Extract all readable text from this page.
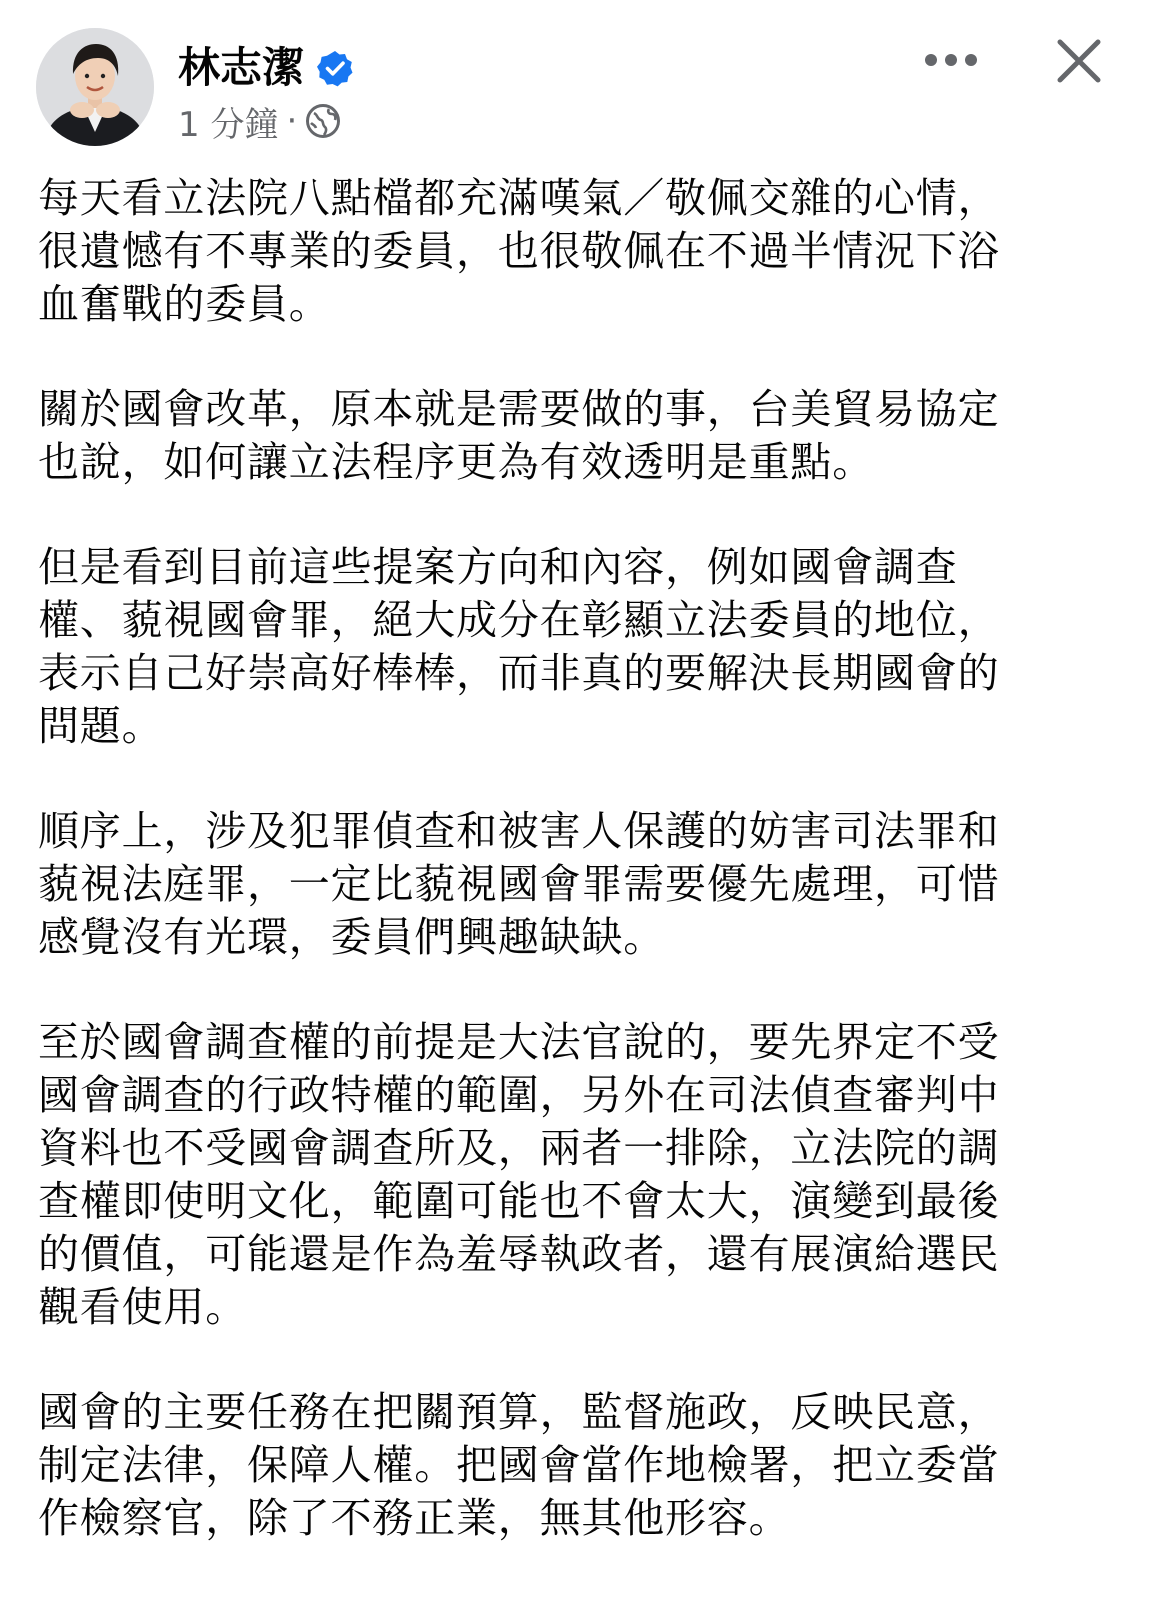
林志潔
1 分鐘 ·

每天看立法院八點檔都充滿嘆氣／敬佩交雜的心情，
很遺憾有不專業的委員，也很敬佩在不過半情況下浴
血奮戰的委員。

關於國會改革，原本就是需要做的事，台美貿易協定
也說，如何讓立法程序更為有效透明是重點。

但是看到目前這些提案方向和內容，例如國會調查
權、藐視國會罪，絕大成分在彰顯立法委員的地位，
表示自己好崇高好棒棒，而非真的要解決長期國會的
問題。

順序上，涉及犯罪偵查和被害人保護的妨害司法罪和
藐視法庭罪，一定比藐視國會罪需要優先處理，可惜
感覺沒有光環，委員們興趣缺缺。

至於國會調查權的前提是大法官說的，要先界定不受
國會調查的行政特權的範圍，另外在司法偵查審判中
資料也不受國會調查所及，兩者一排除，立法院的調
查權即使明文化，範圍可能也不會太大，演變到最後
的價值，可能還是作為羞辱執政者，還有展演給選民
觀看使用。

國會的主要任務在把關預算，監督施政，反映民意，
制定法律，保障人權。把國會當作地檢署，把立委當
作檢察官，除了不務正業，無其他形容。
